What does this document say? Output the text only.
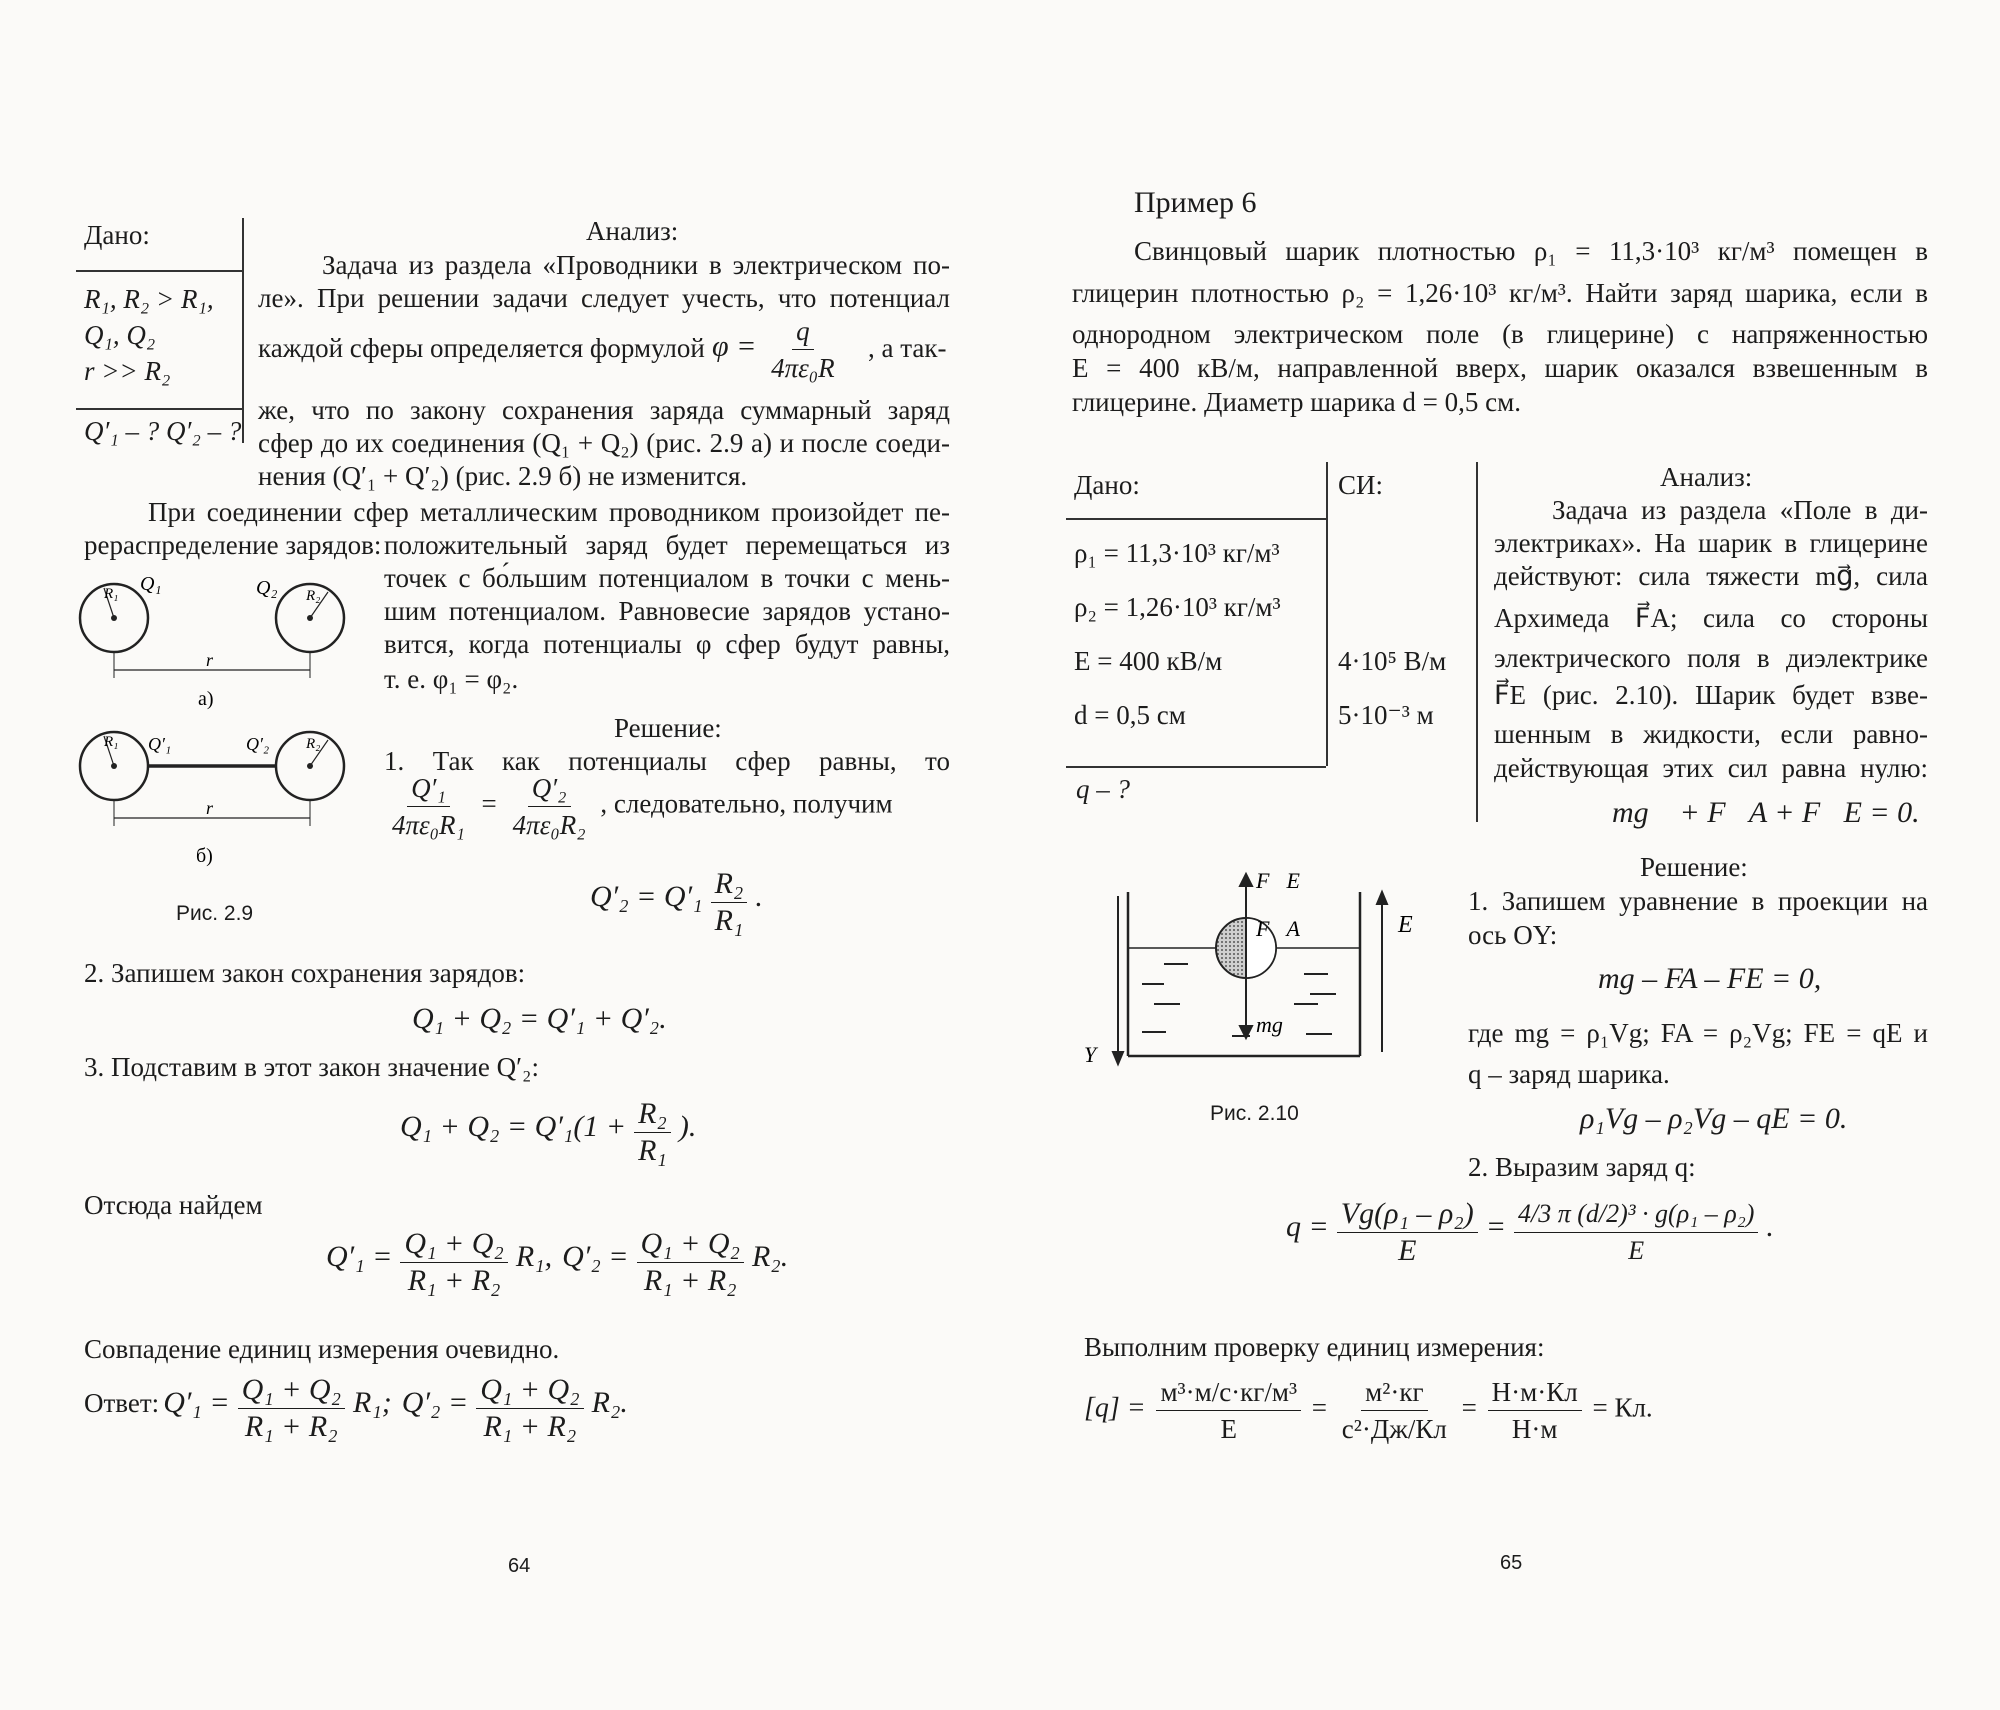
Дано:
R₁, R₂ > R₁,
Q₁, Q₂
r >> R₂
Q′₁ – ? Q′₂ – ?
Анализ:
Задача из раздела «Проводники в электрическом по-
ле». При решении задачи следует учесть, что потенциал
каждой сферы определяется формулой $\varphi = \frac{q}{\text{4πε₀R}}$ , а так-
же, что по закону сохранения заряда суммарный заряд
сфер до их соединения (Q₁ + Q₂) (рис. 2.9 а) и после соеди-
нения (Q′₁ + Q′₂) (рис. 2.9 б) не изменится.
При соединении сфер металлическим проводником произойдет пе-
рераспределение зарядов: положительный заряд будет перемещаться из
точек с бо́льшим потенциалом в точки с мень-
шим потенциалом. Равновесие зарядов устано-
вится, когда потенциалы φ сфер будут равны,
т. е. φ₁ = φ₂.
R₁	R₂
Q₁	Q₂
r
а)
R₁	R₂
Q′₁	Q′₂
r
б)
Рис. 2.9
Решение:
1. Так как потенциалы сфер равны, то
$\frac{\text{Q′₁}}{\text{4πε₀R₁}} = \frac{\text{Q′₂}}{\text{4πε₀R₂}}$ , следовательно, получим
$Q'_2 = Q'_1 \frac{\text{R₂}}{\text{R₁}}$ .
2. Запишем закон сохранения зарядов:
Q₁ + Q₂ = Q′₁ + Q′₂.
3. Подставим в этот закон значение Q′₂:
$Q_1 + Q_2 = Q'_1(1 + \frac{\text{R₂}}{\text{R₁}}$ ).
Отсюда найдем
$Q'_1 = \frac{\text{Q₁ + Q₂}}{\text{R₁ + R₂}} R_1$, $Q'_2 = \frac{\text{Q₁ + Q₂}}{\text{R₁ + R₂}} R_2$.
Совпадение единиц измерения очевидно.
Ответ: $Q'_1 = \frac{\text{Q₁ + Q₂}}{\text{R₁ + R₂}} R_1$; $Q'_2 = \frac{\text{Q₁ + Q₂}}{\text{R₁ + R₂}} R_2$.
64
Пример 6
Свинцовый шарик плотностью ρ₁ = 11,3·10³ кг/м³ помещен в
глицерин плотностью ρ₂ = 1,26·10³ кг/м³. Найти заряд шарика, если в
однородном электрическом поле (в глицерине) с напряженностью
E = 400 кВ/м, направленной вверх, шарик оказался взвешенным в
глицерине. Диаметр шарика d = 0,5 см.
Дано:	СИ:
ρ₁ = 11,3·10³ кг/м³
ρ₂ = 1,26·10³ кг/м³
E = 400 кВ/м	4·10⁵ В/м
d = 0,5 см	5·10⁻³ м
q – ?
Анализ:
Задача из раздела «Поле в ди-
электриках». На шарик в глицерине
действуют: сила тяжести mg⃗, сила
Архимеда F⃗A; сила со стороны
электрического поля в диэлектрике
F⃗E (рис. 2.10). Шарик будет взве-
шенным в жидкости, если равно-
действующая этих сил равна нулю:
mg⃗ + F⃗A + F⃗E = 0.
Решение:
1. Запишем уравнение в проекции на
ось OY:
mg – FA – FE = 0,
где mg = ρ₁Vg; FA = ρ₂Vg; FE = qE и
q – заряд шарика.
ρ₁Vg – ρ₂Vg – qE = 0.
2. Выразим заряд q:
$q = \frac{\text{Vg(ρ₁ – ρ₂)}}{E} = \frac{\text{4/3 π (d/2)³ · g(ρ₁ – ρ₂)}}{E}$ .
Выполним проверку единиц измерения:
$[q] = \frac{\text{м³·м/с·кг/м³}}{Е} = \frac{\text{м²·кг}}{\text{с²·Дж/Кл}} = \frac{Н\cdot м\cdot Кл}{Н\cdot м}$ = Кл.
F⃗E
F⃗A
mg⃗
E⃗
Y
Рис. 2.10
65
